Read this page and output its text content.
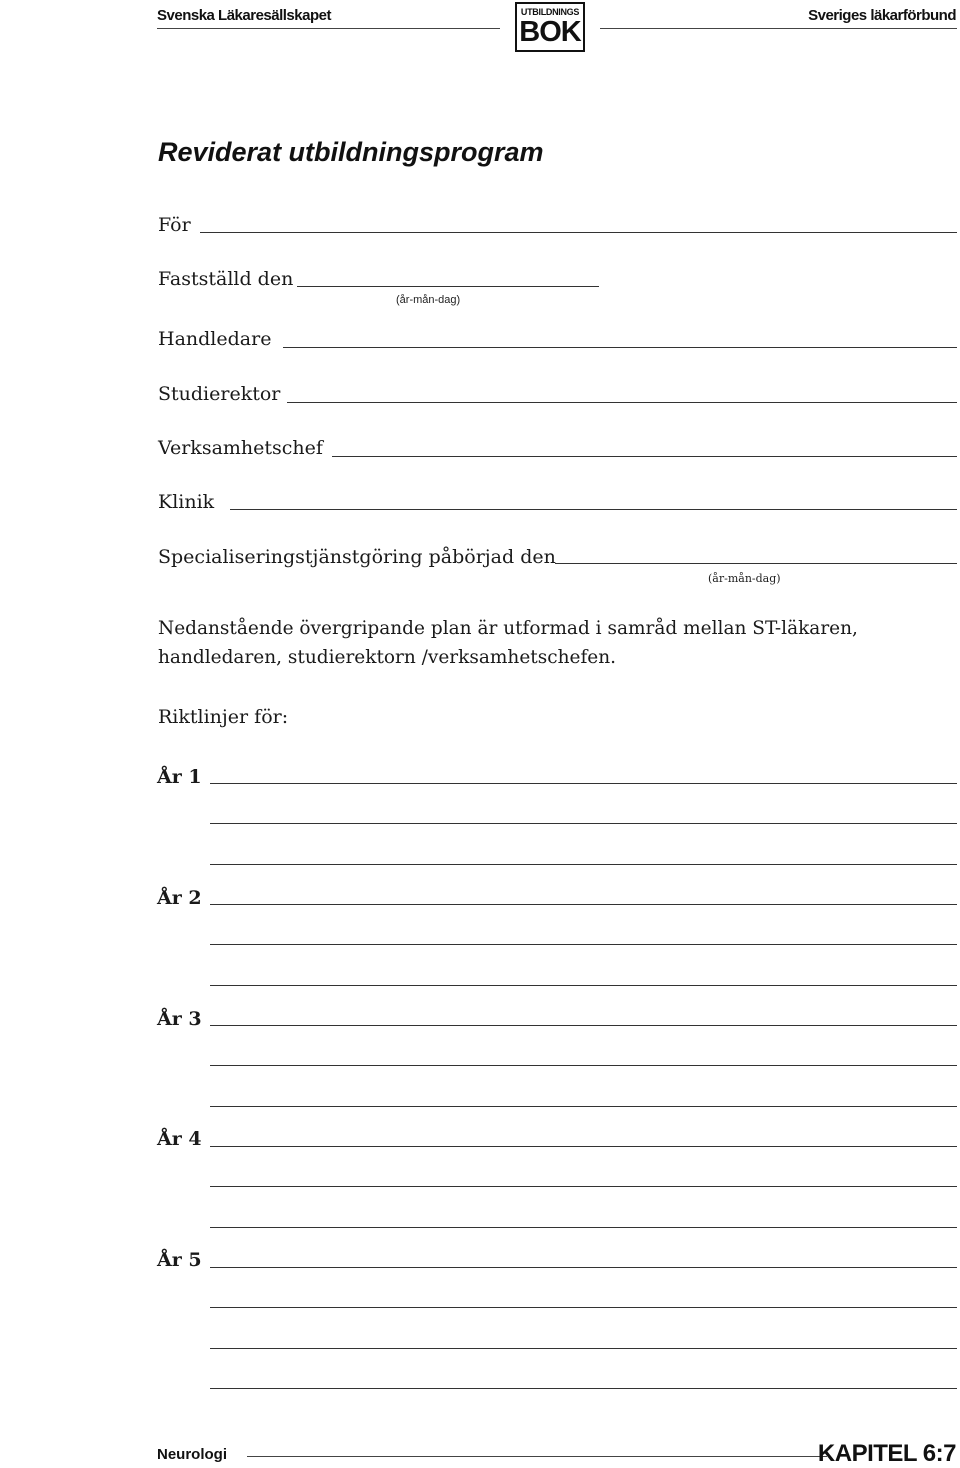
Svenska Läkaresällskapet	UTBILDNINGS
BOK
Sveriges läkarförbund
Reviderat utbildningsprogram
För
Fastställd den
(år-mån-dag)
Handledare
Studierektor
Verksamhetschef
Klinik
Specialiseringstjänstgöring påbörjad den
(år-mån-dag)
Nedanstående övergripande plan är utformad i samråd mellan ST-läkaren,
handledaren, studierektorn /verksamhetschefen.
Riktlinjer för:
År 1
År 2
År 3
År 4
År 5
Neurologi	KAPITEL 6:7
